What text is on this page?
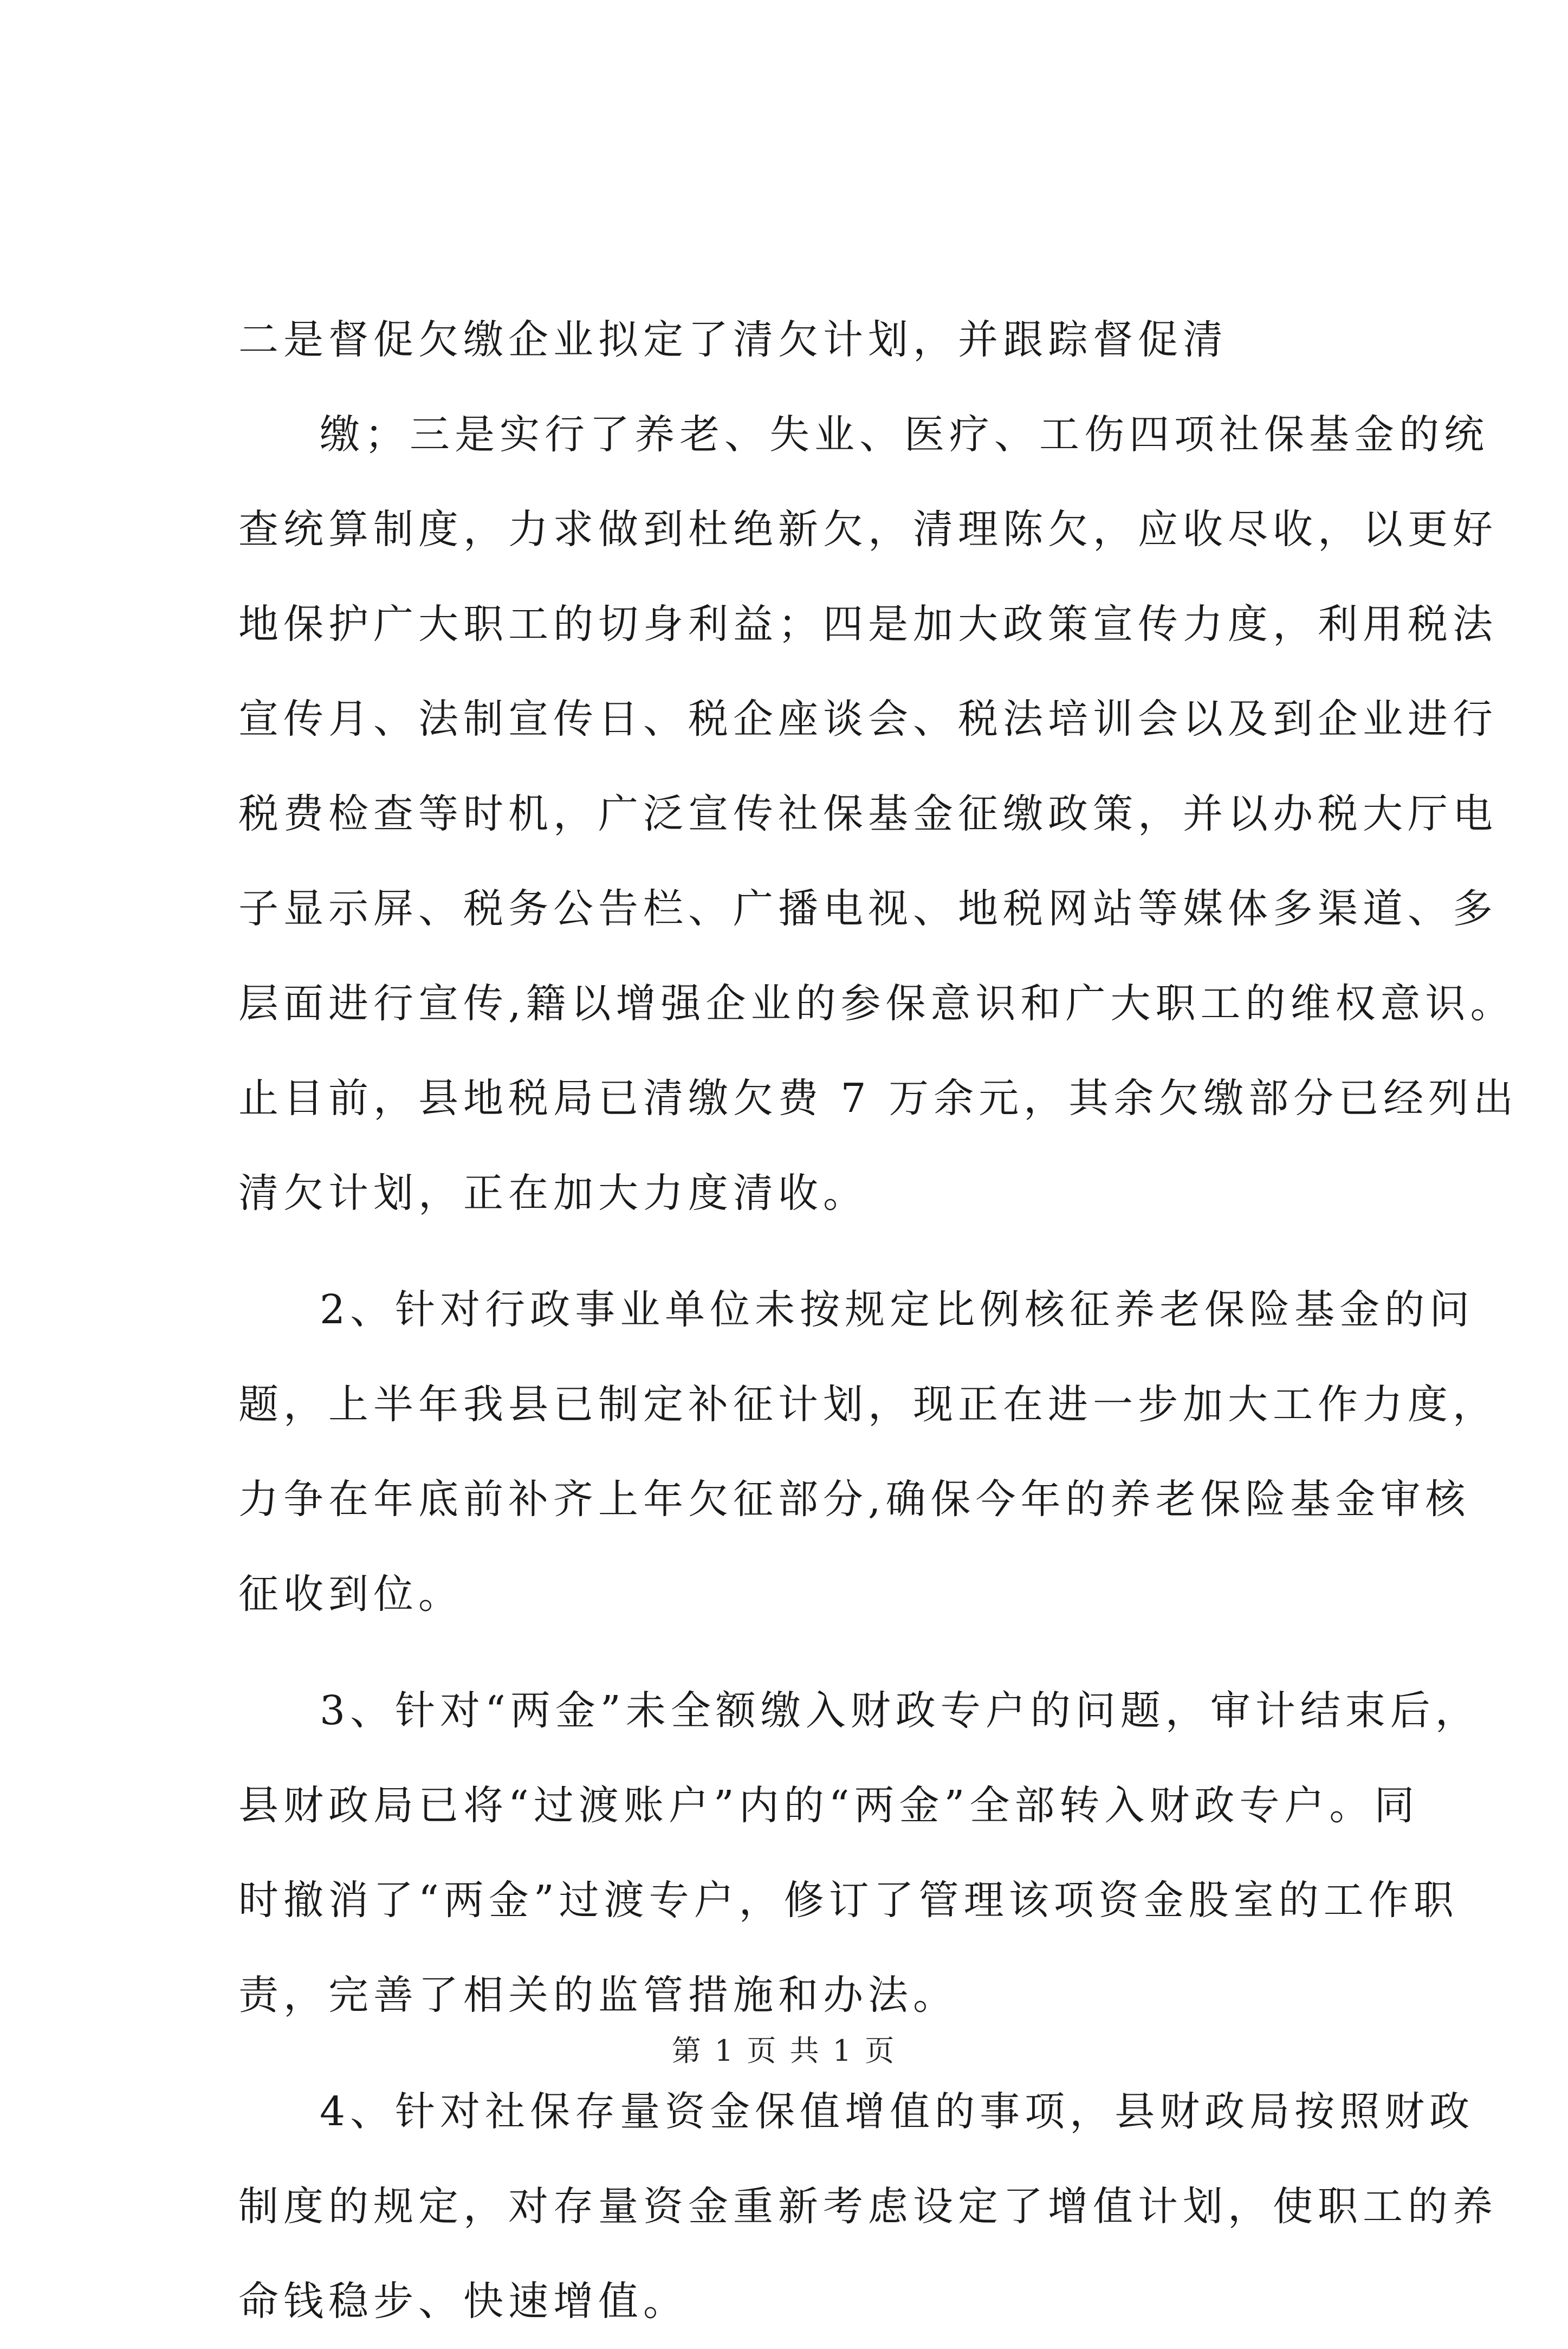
二是督促欠缴企业拟定了清欠计划，并跟踪督促清
缴；三是实行了养老、失业、医疗、工伤四项社保基金的统
查统算制度，力求做到杜绝新欠，清理陈欠，应收尽收，以更好
地保护广大职工的切身利益；四是加大政策宣传力度，利用税法
宣传月、法制宣传日、税企座谈会、税法培训会以及到企业进行
税费检查等时机，广泛宣传社保基金征缴政策，并以办税大厅电
子显示屏、税务公告栏、广播电视、地税网站等媒体多渠道、多
层面进行宣传,籍以增强企业的参保意识和广大职工的维权意识。
止目前，县地税局已清缴欠费 7 万余元，其余欠缴部分已经列出
清欠计划，正在加大力度清收。
2、针对行政事业单位未按规定比例核征养老保险基金的问
题，上半年我县已制定补征计划，现正在进一步加大工作力度，
力争在年底前补齐上年欠征部分,确保今年的养老保险基金审核
征收到位。
3、针对“两金”未全额缴入财政专户的问题，审计结束后，
县财政局已将“过渡账户”内的“两金”全部转入财政专户。同
时撤消了“两金”过渡专户，修订了管理该项资金股室的工作职
责，完善了相关的监管措施和办法。
4、针对社保存量资金保值增值的事项，县财政局按照财政
制度的规定，对存量资金重新考虑设定了增值计划，使职工的养
命钱稳步、快速增值。
第 1 页 共 1 页
